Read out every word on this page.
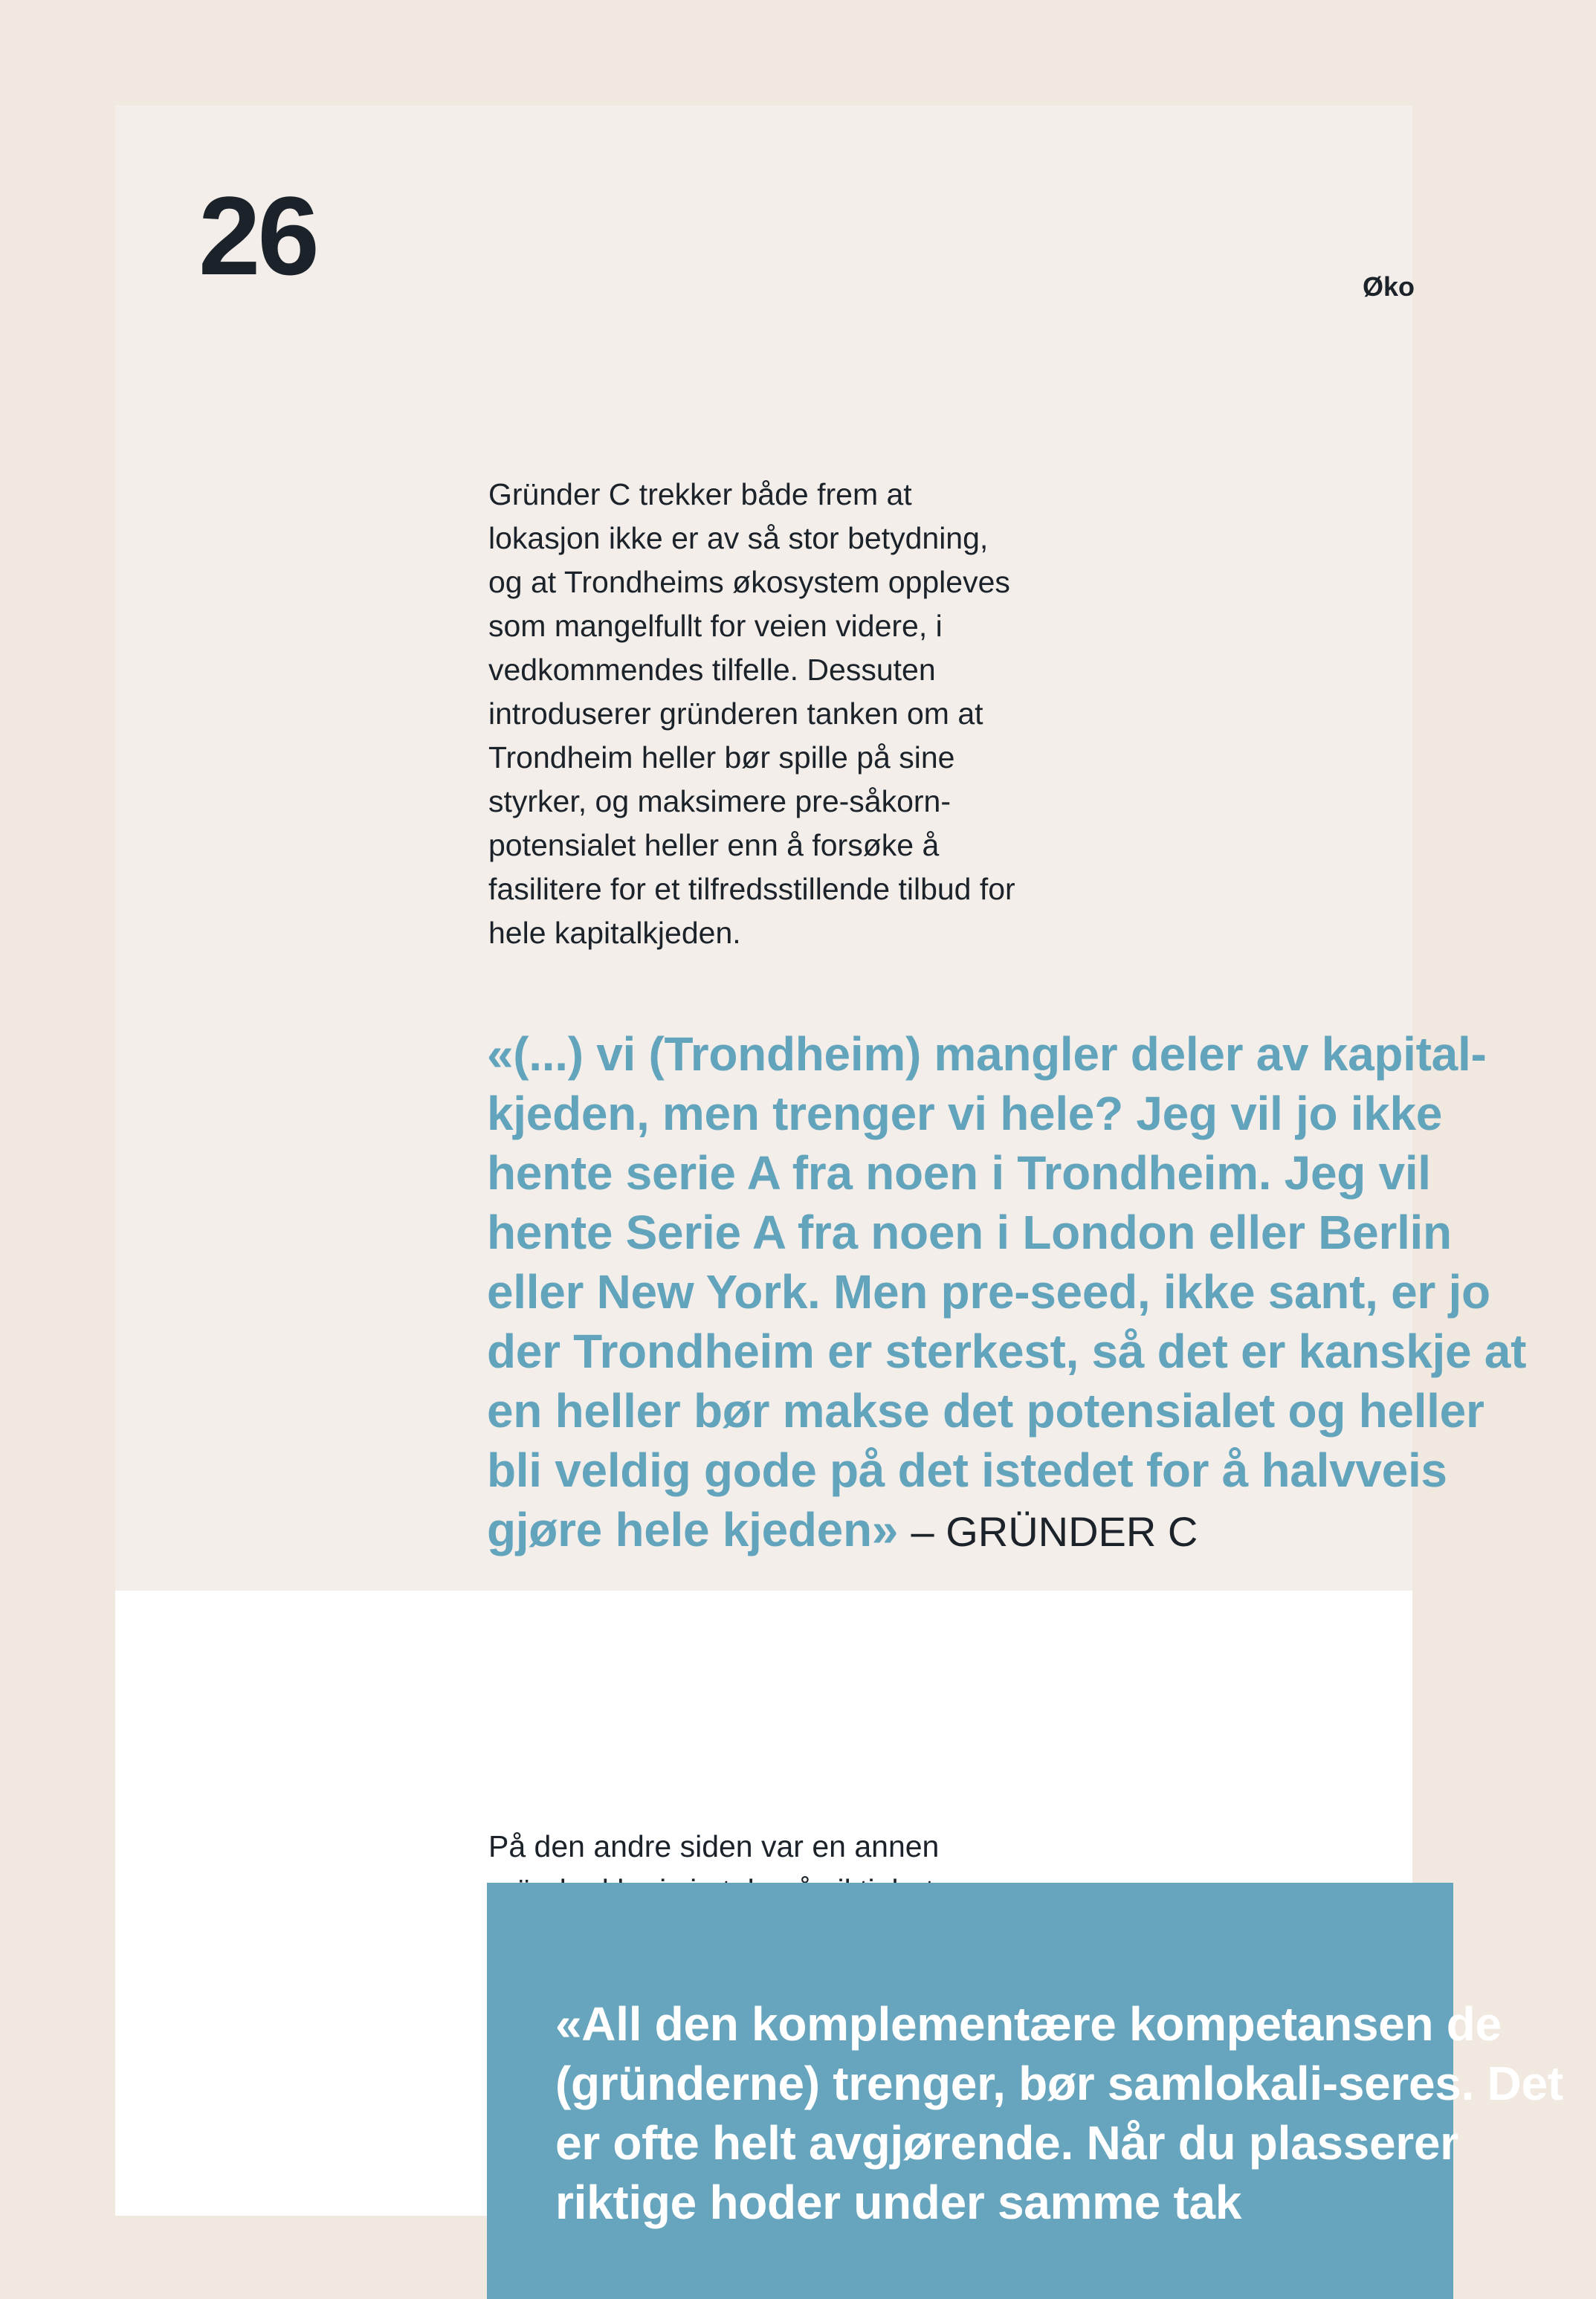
26	Øko

Gründer C trekker både frem at lokasjon ikke er av så stor betydning, og at Trondheims økosystem oppleves som mangelfullt for veien videre, i vedkommendes tilfelle. Dessuten introduserer gründeren tanken om at Trondheim heller bør spille på sine styrker, og maksimere pre-såkorn-potensialet heller enn å forsøke å fasilitere for et tilfredsstillende tilbud for hele kapitalkjeden.

«(...) vi (Trondheim) mangler deler av kapital-kjeden, men trenger vi hele? Jeg vil jo ikke hente serie A fra noen i Trondheim. Jeg vil hente Serie A fra noen i London eller Berlin eller New York. Men pre-seed, ikke sant, er jo der Trondheim er sterkest, så det er kanskje at en heller bør makse det potensialet og heller bli veldig gode på det istedet for å halvveis gjøre hele kjeden» – GRÜNDER C

På den andre siden var en annen

«All den komplementære kompetansen de (gründerne) trenger, bør samlokali-seres. Det er ofte helt avgjørende. Når du plasserer riktige hoder under samme tak
